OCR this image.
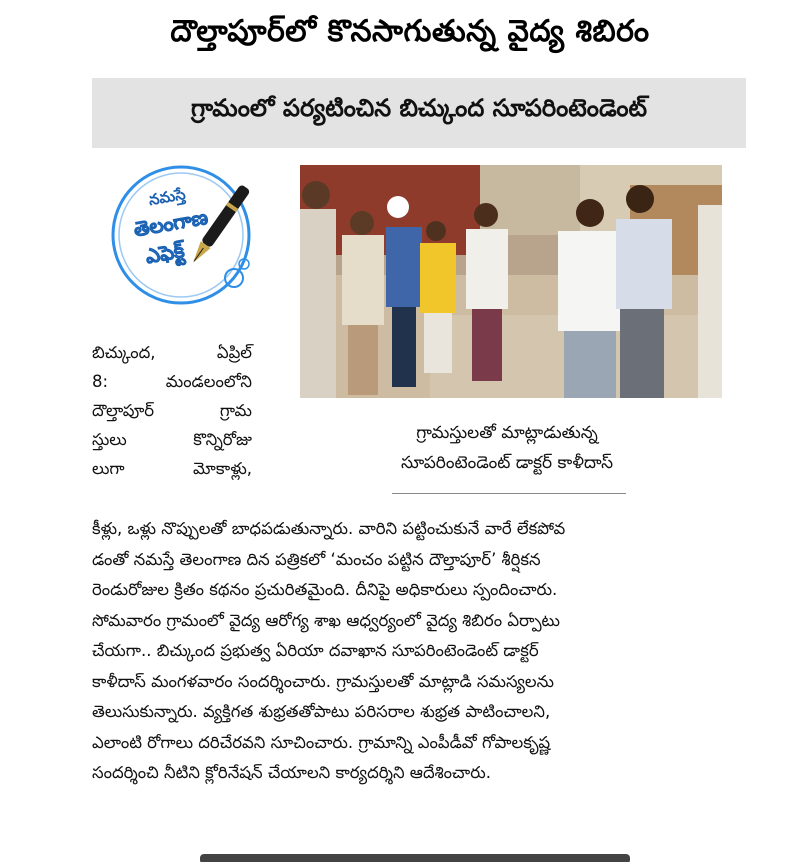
దౌల్తాపూర్‌లో కొనసాగుతున్న వైద్య శిబిరం
గ్రామంలో పర్యటించిన బిచ్కుంద సూపరింటెండెంట్
నమస్తే
తెలంగాణ
ఎఫెక్ట్
గ్రామస్తులతో మాట్లాడుతున్న
సూపరింటెండెంట్ డాక్టర్ కాళీదాస్
బిచ్కుంద, ఏప్రిల్
8: మండలంలోని
దౌల్తాపూర్ గ్రామ
స్తులు కొన్నిరోజు
లుగా మోకాళ్లు,
కీళ్లు, ఒళ్లు నొప్పులతో బాధపడుతున్నారు. వారిని పట్టించుకునే వారే లేకపోవ
డంతో నమస్తే తెలంగాణ దిన పత్రికలో ‘మంచం పట్టిన దౌల్తాపూర్’ శీర్షికన
రెండురోజుల క్రితం కథనం ప్రచురితమైంది. దీనిపై అధికారులు స్పందించారు.
సోమవారం గ్రామంలో వైద్య ఆరోగ్య శాఖ ఆధ్వర్యంలో వైద్య శిబిరం ఏర్పాటు
చేయగా.. బిచ్కుంద ప్రభుత్వ ఏరియా దవాఖాన సూపరింటెండెంట్ డాక్టర్
కాళీదాస్ మంగళవారం సందర్శించారు. గ్రామస్తులతో మాట్లాడి సమస్యలను
తెలుసుకున్నారు. వ్యక్తిగత శుభ్రతతోపాటు పరిసరాల శుభ్రత పాటించాలని,
ఎలాంటి రోగాలు దరిచేరవని సూచించారు. గ్రామాన్ని ఎంపీడీవో గోపాలకృష్ణ
సందర్శించి నీటిని క్లోరినేషన్ చేయాలని కార్యదర్శిని ఆదేశించారు.
